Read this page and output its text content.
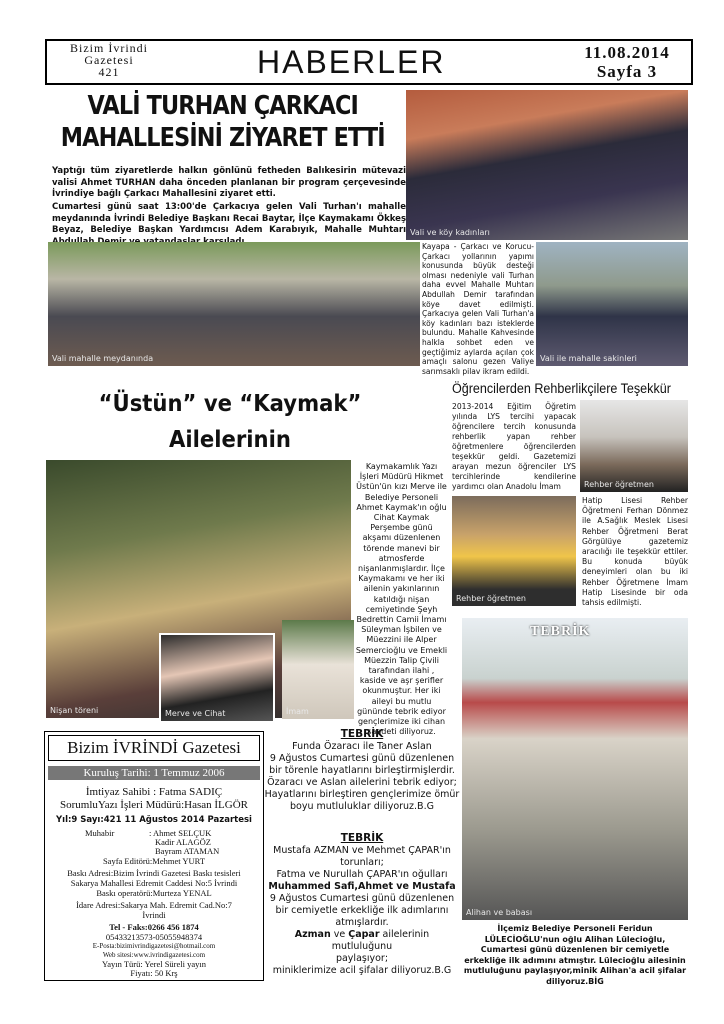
Bizim İvrindi
Gazetesi
421	HABERLER	11.08.2014
Sayfa 3
VALİ TURHAN ÇARKACI
MAHALLESİNİ ZİYARET ETTİ
Yaptığı tüm ziyaretlerde halkın gönlünü fetheden Balıkesirin mütevazi valisi Ahmet TURHAN daha önceden planlanan bir program çerçevesinde İvrindiye bağlı Çarkacı Mahallesini ziyaret etti.
Cumartesi günü saat 13:00'de Çarkacıya gelen Vali Turhan'ı mahalle meydanında İvrindi Belediye Başkanı Recai Baytar, İlçe Kaymakamı Ökkeş Beyaz, Belediye Başkan Yardımcısı Adem Karabıyık, Mahalle Muhtarı Vali ve köy kadınları
Vali mahalle meydanında
Kayapa - Çarkacı ve Korucu-Çarkacı yollarının yapımı konusunda büyük desteği olması nedeniyle vali Turhan daha evvel Mahalle Muhtarı Abdullah Demir tarafından köye davet edilmişti. Çarkacıya gelen Vali Turhan'a köy kadınları bazı isteklerde bulundu. Mahalle Kahvesinde halkla sohbet eden ve geçtiğimiz aylarda açılan çok amaçlı salonu gezen Valiye sarımsaklı pilav ikram edildi.
Vali ile mahalle sakinleri
“Üstün” ve “Kaymak” Ailelerinin
Nişan töreni	Merve ve Cihat	İmam
Kaymakamlık Yazı İşleri Müdürü Hikmet Üstün'ün kızı Merve ile Belediye Personeli Ahmet Kaymak'ın oğlu Cihat Kaymak Perşembe günü akşamı düzenlenen törende manevi bir atmosferde nişanlanmışlardır. İlçe Kaymakamı ve her iki ailenin yakınlarının katıldığı nişan cemiyetinde Şeyh Bedrettin Camii İmamı Süleyman İşbilen ve Müezzini ile Alper Semercioğlu ve Emekli Müezzin Talip Çivili tarafından ilahi , kaside ve aşr şerifler okunmuştur. Her iki aileyi bu mutlu gününde tebrik ediyor gençlerimize iki cihan saadeti diliyoruz.
Öğrencilerden Rehberlikçilere Teşekkür
2013-2014 Eğitim Öğretim yılında LYS tercihi yapacak öğrencilere tercih konusunda rehberlik yapan rehber öğretmenlere öğrencilerden teşekkür geldi. Gazetemizi arayan mezun öğrenciler LYS tercihlerinde kendilerine yardımcı olan Anadolu İmam	Rehber öğretmen
Rehber öğretmen
Hatip Lisesi Rehber Öğretmeni Ferhan Dönmez ile A.Sağlık Meslek Lisesi Rehber Öğretmeni Berat Görgülüye gazetemiz aracılığı ile teşekkür ettiler. Bu konuda büyük deneyimleri olan bu iki Rehber Öğretmene İmam Hatip Lisesinde bir oda tahsis edilmişti.
Bizim İVRİNDİ Gazetesi
Kuruluş Tarihi: 1 Temmuz 2006
İmtiyaz Sahibi : Fatma SADIÇ
SorumluYazı İşleri Müdürü:Hasan İLGÖR
Yıl:9 Sayı:421 11 Ağustos 2014 Pazartesi
Muhabir	: Ahmet SELÇUK
Kadir ALAGÖZ
Bayram ATAMAN
Sayfa Editörü:Mehmet YURT
Baskı Adresi:Bizim İvrindi Gazetesi Baskı tesisleri
Sakarya Mahallesi Edremit Caddesi No:5 İvrindi
Baskı operatörü:Murteza YENAL
İdare Adresi:Sakarya Mah. Edremit Cad.No:7
İvrindi
Tel - Faks:0266 456 1874
05433213573-05055948374
E-Posta:bizimivrindigazetesi@hotmail.com
Web sitesi:www.ivrindigazetesi.com
Yayın Türü: Yerel Süreli yayın
Fiyatı: 50 Krş
TEBRİK
Funda Özaracı ile Taner Aslan
9 Ağustos Cumartesi günü düzenlenen
bir törenle hayatlarını birleştirmişlerdir.
Özaracı ve Aslan ailelerini tebrik ediyor;
Hayatlarını birleştiren gençlerimize ömür
boyu mutluluklar diliyoruz.B.G
TEBRİK
Mustafa AZMAN ve Mehmet ÇAPAR'ın
torunları;
Fatma ve Nurullah ÇAPAR'ın oğulları
Muhammed Safi,Ahmet ve Mustafa
9 Ağustos Cumartesi günü düzenlenen
bir cemiyetle erkekliğe ilk adımlarını
atmışlardır.
Azman ve Çapar ailelerinin mutluluğunu
paylaşıyor;
miniklerimize acil şifalar diliyoruz.B.G
Alihan ve babası
TEBRİK
İlçemiz Belediye Personeli Feridun LÜLECİOĞLU'nun oğlu Alihan Lülecioğlu, Cumartesi günü düzenlenen bir cemiyetle erkekliğe ilk adımını atmıştır. Lülecioğlu ailesinin mutluluğunu paylaşıyor,minik Alihan'a acil şifalar diliyoruz.BİG
